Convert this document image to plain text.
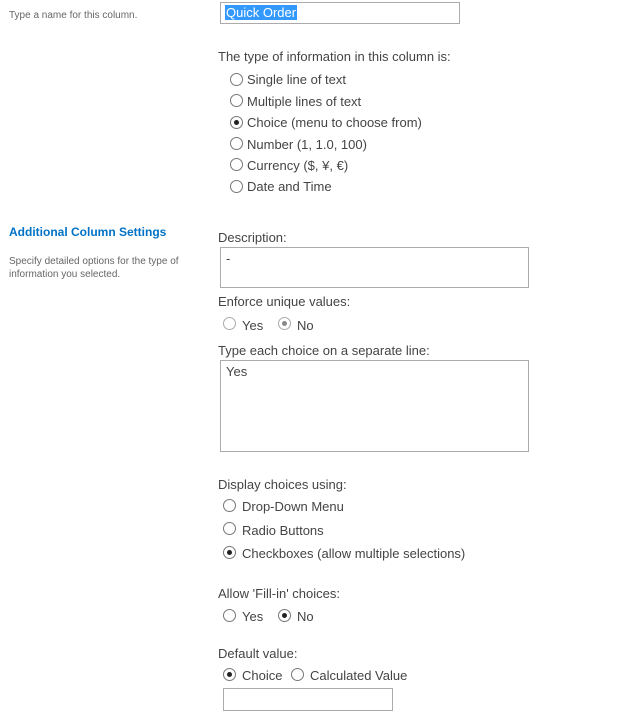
Type a name for this column.	Quick Order
The type of information in this column is:
Single line of text
Multiple lines of text
Choice (menu to choose from)
Number (1, 1.0, 100)
Currency ($, ¥, €)
Date and Time
Additional Column Settings
Specify detailed options for the type of information you selected.
Description:
-
Enforce unique values:
Yes	No
Type each choice on a separate line:
Yes
Display choices using:
Drop-Down Menu
Radio Buttons
Checkboxes (allow multiple selections)
Allow 'Fill-in' choices:
Yes	No
Default value:
Choice Calculated Value
